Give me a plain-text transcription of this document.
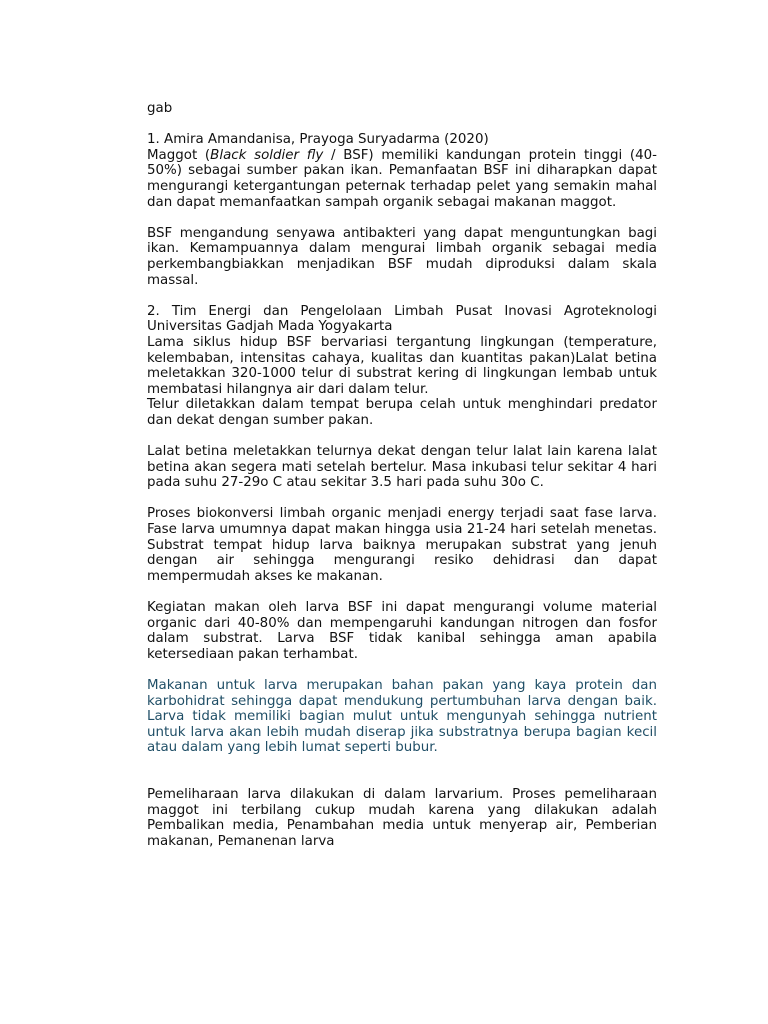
gab

1. Amira Amandanisa, Prayoga Suryadarma (2020)

Maggot (Black soldier fly / BSF) memiliki kandungan protein tinggi (40-50%) sebagai sumber pakan ikan. Pemanfaatan BSF ini diharapkan dapat mengurangi ketergantungan peternak terhadap pelet yang semakin mahal dan dapat memanfaatkan sampah organik sebagai makanan maggot.

BSF mengandung senyawa antibakteri yang dapat menguntungkan bagi ikan. Kemampuannya dalam mengurai limbah organik sebagai media perkembangbiakkan menjadikan BSF mudah diproduksi dalam skala massal.

2. Tim Energi dan Pengelolaan Limbah Pusat Inovasi Agroteknologi Universitas Gadjah Mada Yogyakarta

Lama siklus hidup BSF bervariasi tergantung lingkungan (temperature, kelembaban, intensitas cahaya, kualitas dan kuantitas pakan)Lalat betina meletakkan 320-1000 telur di substrat kering di lingkungan lembab untuk membatasi hilangnya air dari dalam telur.

Telur diletakkan dalam tempat berupa celah untuk menghindari predator dan dekat dengan sumber pakan.

Lalat betina meletakkan telurnya dekat dengan telur lalat lain karena lalat betina akan segera mati setelah bertelur. Masa inkubasi telur sekitar 4 hari pada suhu 27-29o C atau sekitar 3.5 hari pada suhu 30o C.

Proses biokonversi limbah organic menjadi energy terjadi saat fase larva. Fase larva umumnya dapat makan hingga usia 21-24 hari setelah menetas. Substrat tempat hidup larva baiknya merupakan substrat yang jenuh dengan air sehingga mengurangi resiko dehidrasi dan dapat mempermudah akses ke makanan.

Kegiatan makan oleh larva BSF ini dapat mengurangi volume material organic dari 40-80% dan mempengaruhi kandungan nitrogen dan fosfor dalam substrat. Larva BSF tidak kanibal sehingga aman apabila ketersediaan pakan terhambat.

Makanan untuk larva merupakan bahan pakan yang kaya protein dan karbohidrat sehingga dapat mendukung pertumbuhan larva dengan baik. Larva tidak memiliki bagian mulut untuk mengunyah sehingga nutrient untuk larva akan lebih mudah diserap jika substratnya berupa bagian kecil atau dalam yang lebih lumat seperti bubur.

Pemeliharaan larva dilakukan di dalam larvarium. Proses pemeliharaan maggot ini terbilang cukup mudah karena yang dilakukan adalah Pembalikan media, Penambahan media untuk menyerap air, Pemberian makanan, Pemanenan larva
